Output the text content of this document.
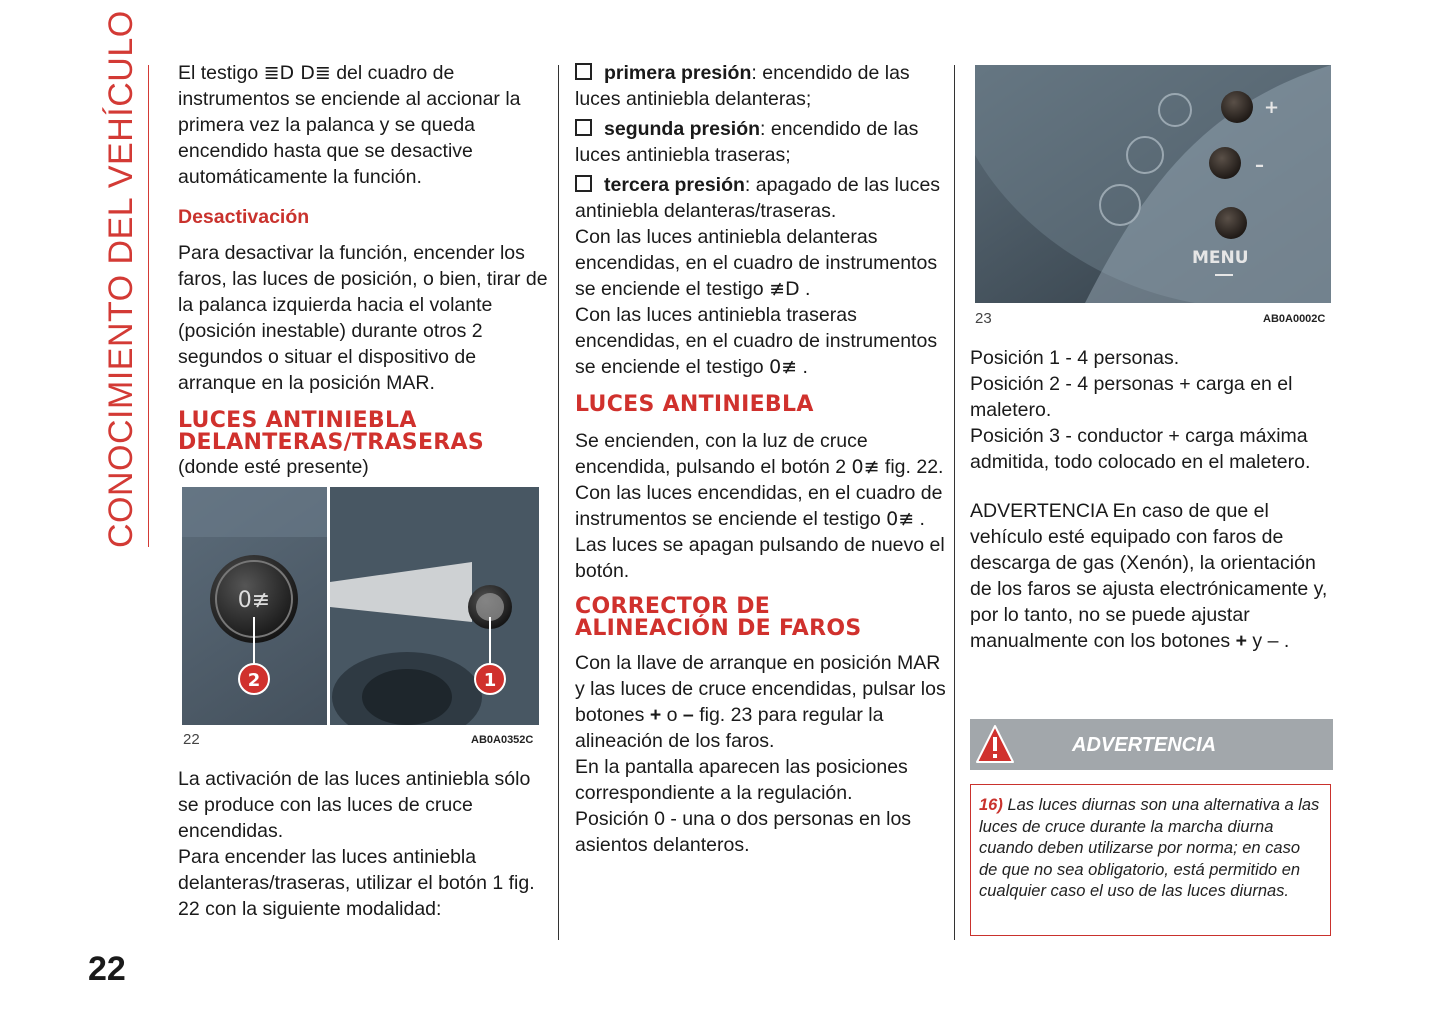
CONOCIMIENTO DEL VEHÍCULO
22

El testigo ≣D D≣ del cuadro de instrumentos se enciende al accionar la primera vez la palanca y se queda encendido hasta que se desactive automáticamente la función.

Desactivación

Para desactivar la función, encender los faros, las luces de posición, o bien, tirar de la palanca izquierda hacia el volante (posición inestable) durante otros 2 segundos o situar el dispositivo de arranque en la posición MAR.

LUCES ANTINIEBLA
DELANTERAS/TRASERAS

(donde esté presente)

0≢
2	1
22	AB0A0352C

La activación de las luces antiniebla sólo se produce con las luces de cruce encendidas.

Para encender las luces antiniebla delanteras/traseras, utilizar el botón 1 fig. 22 con la siguiente modalidad:

primera presión: encendido de las luces antiniebla delanteras;

segunda presión: encendido de las luces antiniebla traseras;

tercera presión: apagado de las luces antiniebla delanteras/traseras.

Con las luces antiniebla delanteras encendidas, en el cuadro de instrumentos se enciende el testigo ≢D .

Con las luces antiniebla traseras encendidas, en el cuadro de instrumentos se enciende el testigo 0≢ .

LUCES ANTINIEBLA

Se encienden, con la luz de cruce encendida, pulsando el botón 2 0≢ fig. 22.

Con las luces encendidas, en el cuadro de instrumentos se enciende el testigo 0≢ .

Las luces se apagan pulsando de nuevo el botón.

CORRECTOR DE
ALINEACIÓN DE FAROS

Con la llave de arranque en posición MAR y las luces de cruce encendidas, pulsar los botones + o – fig. 23 para regular la alineación de los faros.

En la pantalla aparecen las posiciones correspondiente a la regulación.

Posición 0 - una o dos personas en los asientos delanteros.

+
–
MENU
23	AB0A0002C

Posición 1 - 4 personas.

Posición 2 - 4 personas + carga en el maletero.

Posición 3 - conductor + carga máxima admitida, todo colocado en el maletero.

ADVERTENCIA En caso de que el vehículo esté equipado con faros de descarga de gas (Xenón), la orientación de los faros se ajusta electrónicamente y, por lo tanto, no se puede ajustar manualmente con los botones + y – .

ADVERTENCIA
16) Las luces diurnas son una alternativa a las luces de cruce durante la marcha diurna cuando deben utilizarse por norma; en caso de que no sea obligatorio, está permitido en cualquier caso el uso de las luces diurnas.
